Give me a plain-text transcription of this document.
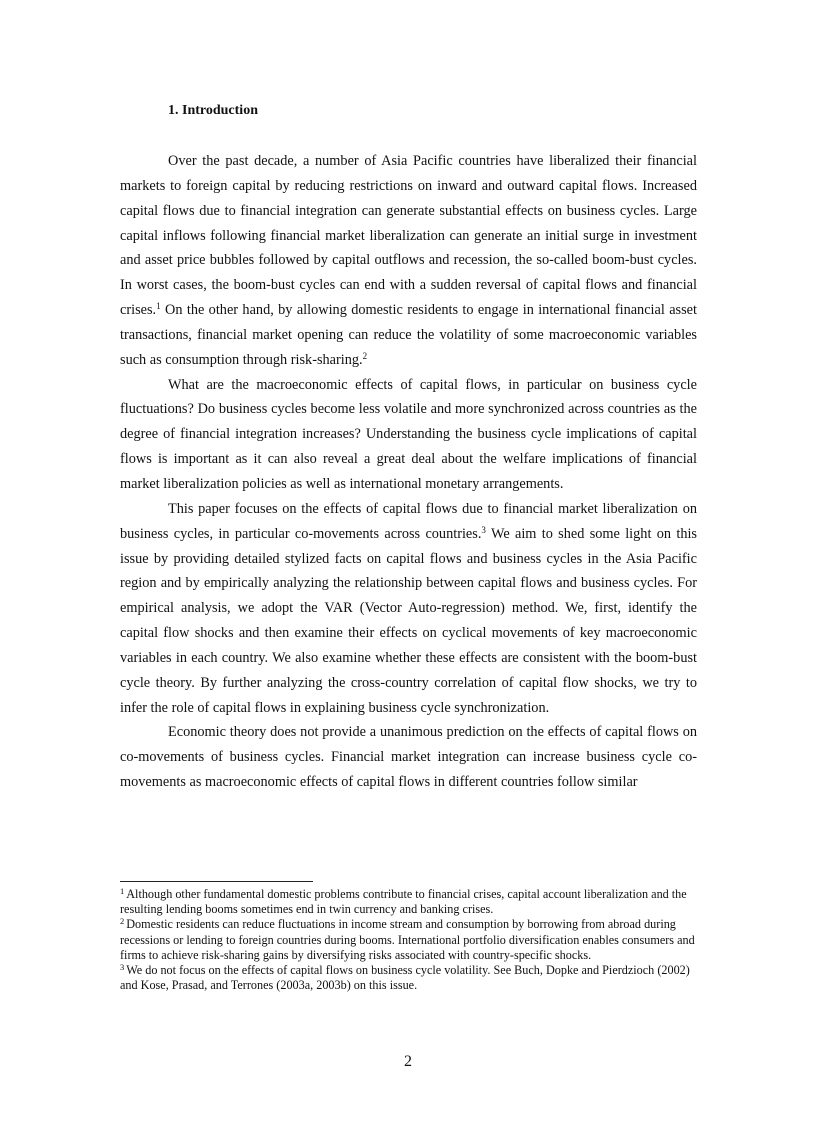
1. Introduction

Over the past decade, a number of Asia Pacific countries have liberalized their financial markets to foreign capital by reducing restrictions on inward and outward capital flows. Increased capital flows due to financial integration can generate substantial effects on business cycles. Large capital inflows following financial market liberalization can generate an initial surge in investment and asset price bubbles followed by capital outflows and recession, the so-called boom-bust cycles. In worst cases, the boom-bust cycles can end with a sudden reversal of capital flows and financial crises.$^1$ On the other hand, by allowing domestic residents to engage in international financial asset transactions, financial market opening can reduce the volatility of some macroeconomic variables such as consumption through risk-sharing.$^2$

What are the macroeconomic effects of capital flows, in particular on business cycle fluctuations? Do business cycles become less volatile and more synchronized across countries as the degree of financial integration increases? Understanding the business cycle implications of capital flows is important as it can also reveal a great deal about the welfare implications of financial market liberalization policies as well as international monetary arrangements.

This paper focuses on the effects of capital flows due to financial market liberalization on business cycles, in particular co-movements across countries.$^3$ We aim to shed some light on this issue by providing detailed stylized facts on capital flows and business cycles in the Asia Pacific region and by empirically analyzing the relationship between capital flows and business cycles. For empirical analysis, we adopt the VAR (Vector Auto-regression) method. We, first, identify the capital flow shocks and then examine their effects on cyclical movements of key macroeconomic variables in each country. We also examine whether these effects are consistent with the boom-bust cycle theory. By further analyzing the cross-country correlation of capital flow shocks, we try to infer the role of capital flows in explaining business cycle synchronization.

Economic theory does not provide a unanimous prediction on the effects of capital flows on co-movements of business cycles. Financial market integration can increase business cycle co-movements as macroeconomic effects of capital flows in different countries follow similar

$^1$ Although other fundamental domestic problems contribute to financial crises, capital account liberalization and the resulting lending booms sometimes end in twin currency and banking crises.

$^2$ Domestic residents can reduce fluctuations in income stream and consumption by borrowing from abroad during recessions or lending to foreign countries during booms. International portfolio diversification enables consumers and firms to achieve risk-sharing gains by diversifying risks associated with country-specific shocks.

$^3$ We do not focus on the effects of capital flows on business cycle volatility. See Buch, Dopke and Pierdzioch (2002) and Kose, Prasad, and Terrones (2003a, 2003b) on this issue.

2
